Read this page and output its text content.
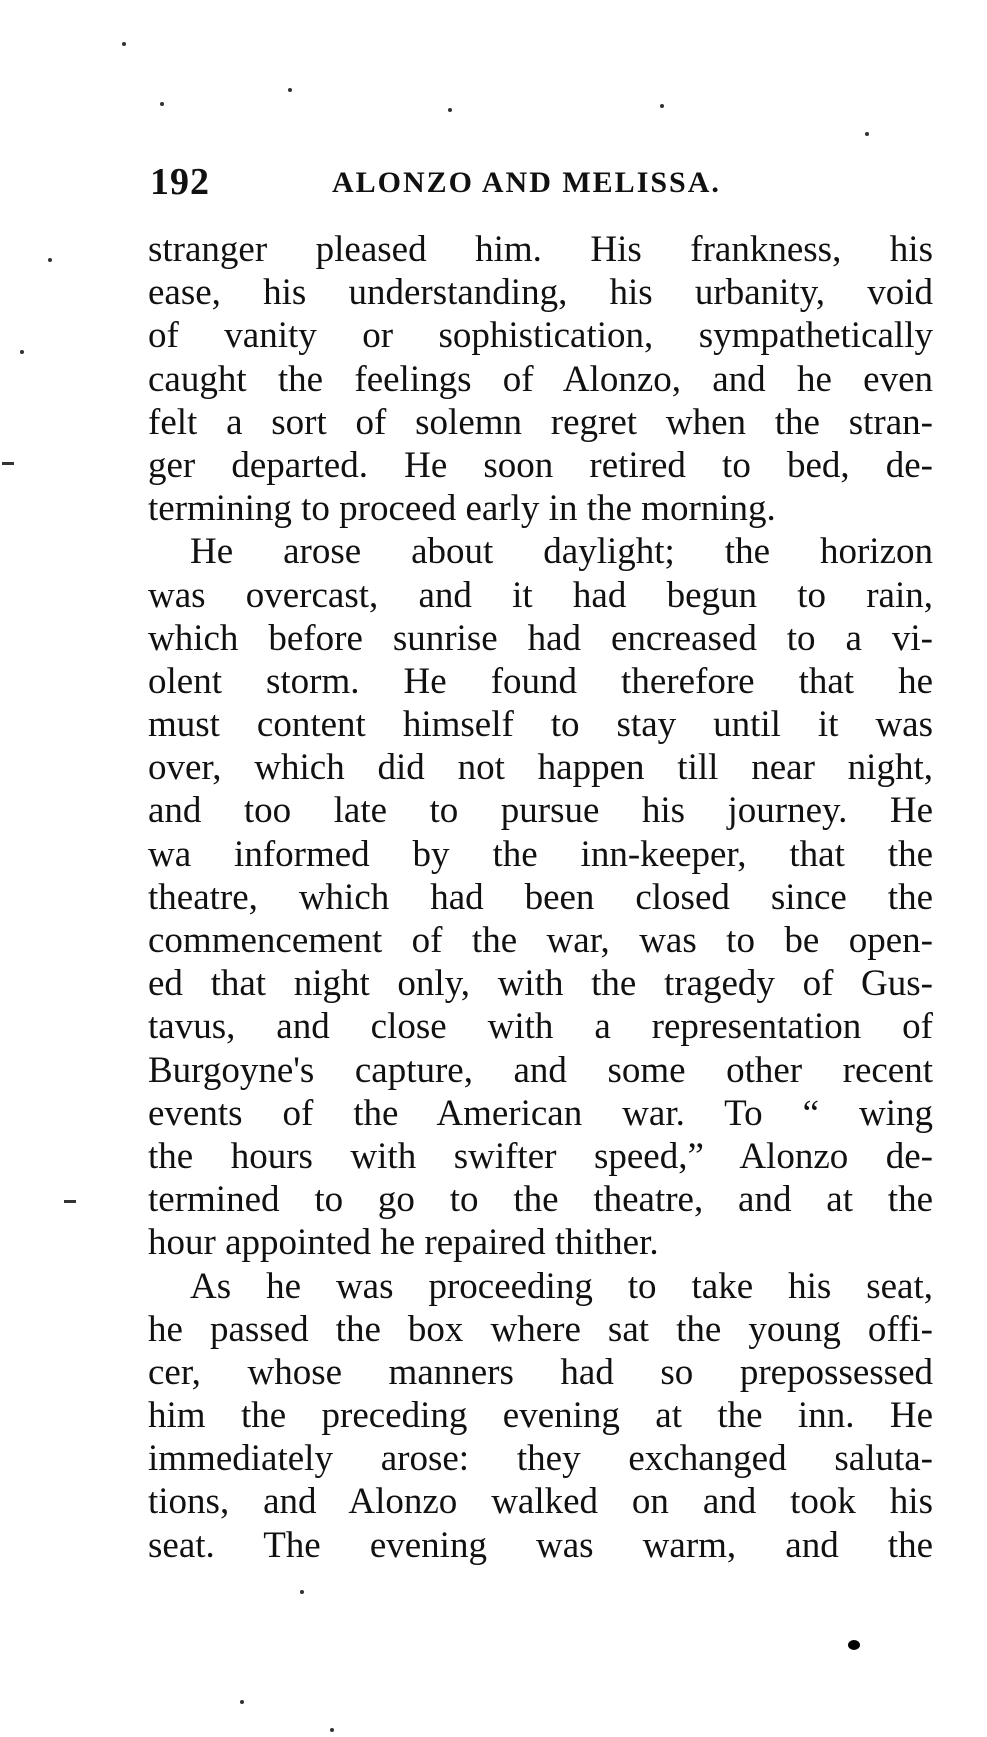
192	ALONZO AND MELISSA.
stranger pleased him. His frankness, his
ease, his understanding, his urbanity, void
of vanity or sophistication, sympathetically
caught the feelings of Alonzo, and he even
felt a sort of solemn regret when the stran-
ger departed. He soon retired to bed, de-
termining to proceed early in the morning.
He arose about daylight; the horizon
was overcast, and it had begun to rain,
which before sunrise had encreased to a vi-
olent storm. He found therefore that he
must content himself to stay until it was
over, which did not happen till near night,
and too late to pursue his journey. He
wa informed by the inn-keeper, that the
theatre, which had been closed since the
commencement of the war, was to be open-
ed that night only, with the tragedy of Gus-
tavus, and close with a representation of
Burgoyne's capture, and some other recent
events of the American war. To “ wing
the hours with swifter speed,” Alonzo de-
termined to go to the theatre, and at the
hour appointed he repaired thither.
As he was proceeding to take his seat,
he passed the box where sat the young offi-
cer, whose manners had so prepossessed
him the preceding evening at the inn. He
immediately arose: they exchanged saluta-
tions, and Alonzo walked on and took his
seat. The evening was warm, and the
